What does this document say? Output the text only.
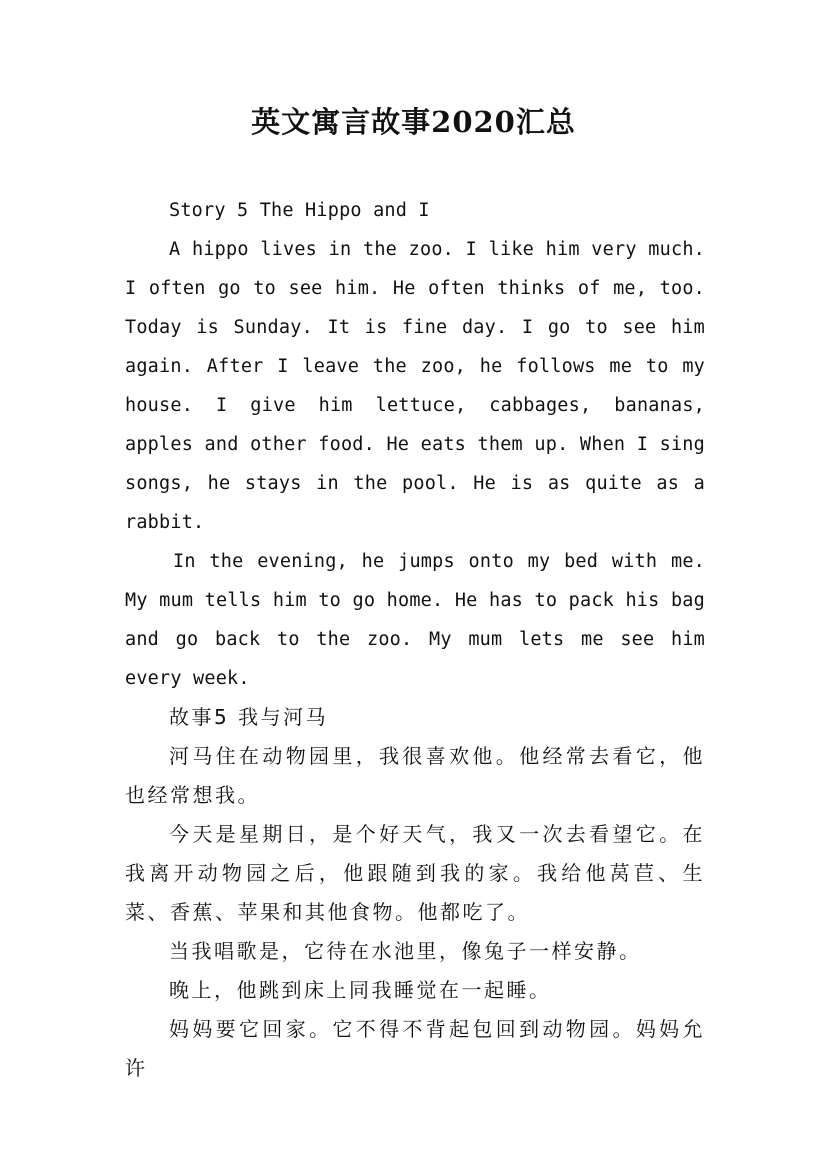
英文寓言故事2020汇总

Story 5 The Hippo and I

A hippo lives in the zoo. I like him very much. I often go to see him. He often thinks of me, too. Today is Sunday. It is fine day. I go to see him again. After I leave the zoo, he follows me to my house. I give him lettuce, cabbages, bananas, apples and other food. He eats them up. When I sing songs, he stays in the pool. He is as quite as a rabbit.

In the evening, he jumps onto my bed with me. My mum tells him to go home. He has to pack his bag and go back to the zoo. My mum lets me see him every week.

故事5 我与河马

河马住在动物园里，我很喜欢他。他经常去看它，他也经常想我。

今天是星期日，是个好天气，我又一次去看望它。在我离开动物园之后，他跟随到我的家。我给他莴苣、生菜、香蕉、苹果和其他食物。他都吃了。

当我唱歌是，它待在水池里，像兔子一样安静。

晚上，他跳到床上同我睡觉在一起睡。

妈妈要它回家。它不得不背起包回到动物园。妈妈允许
